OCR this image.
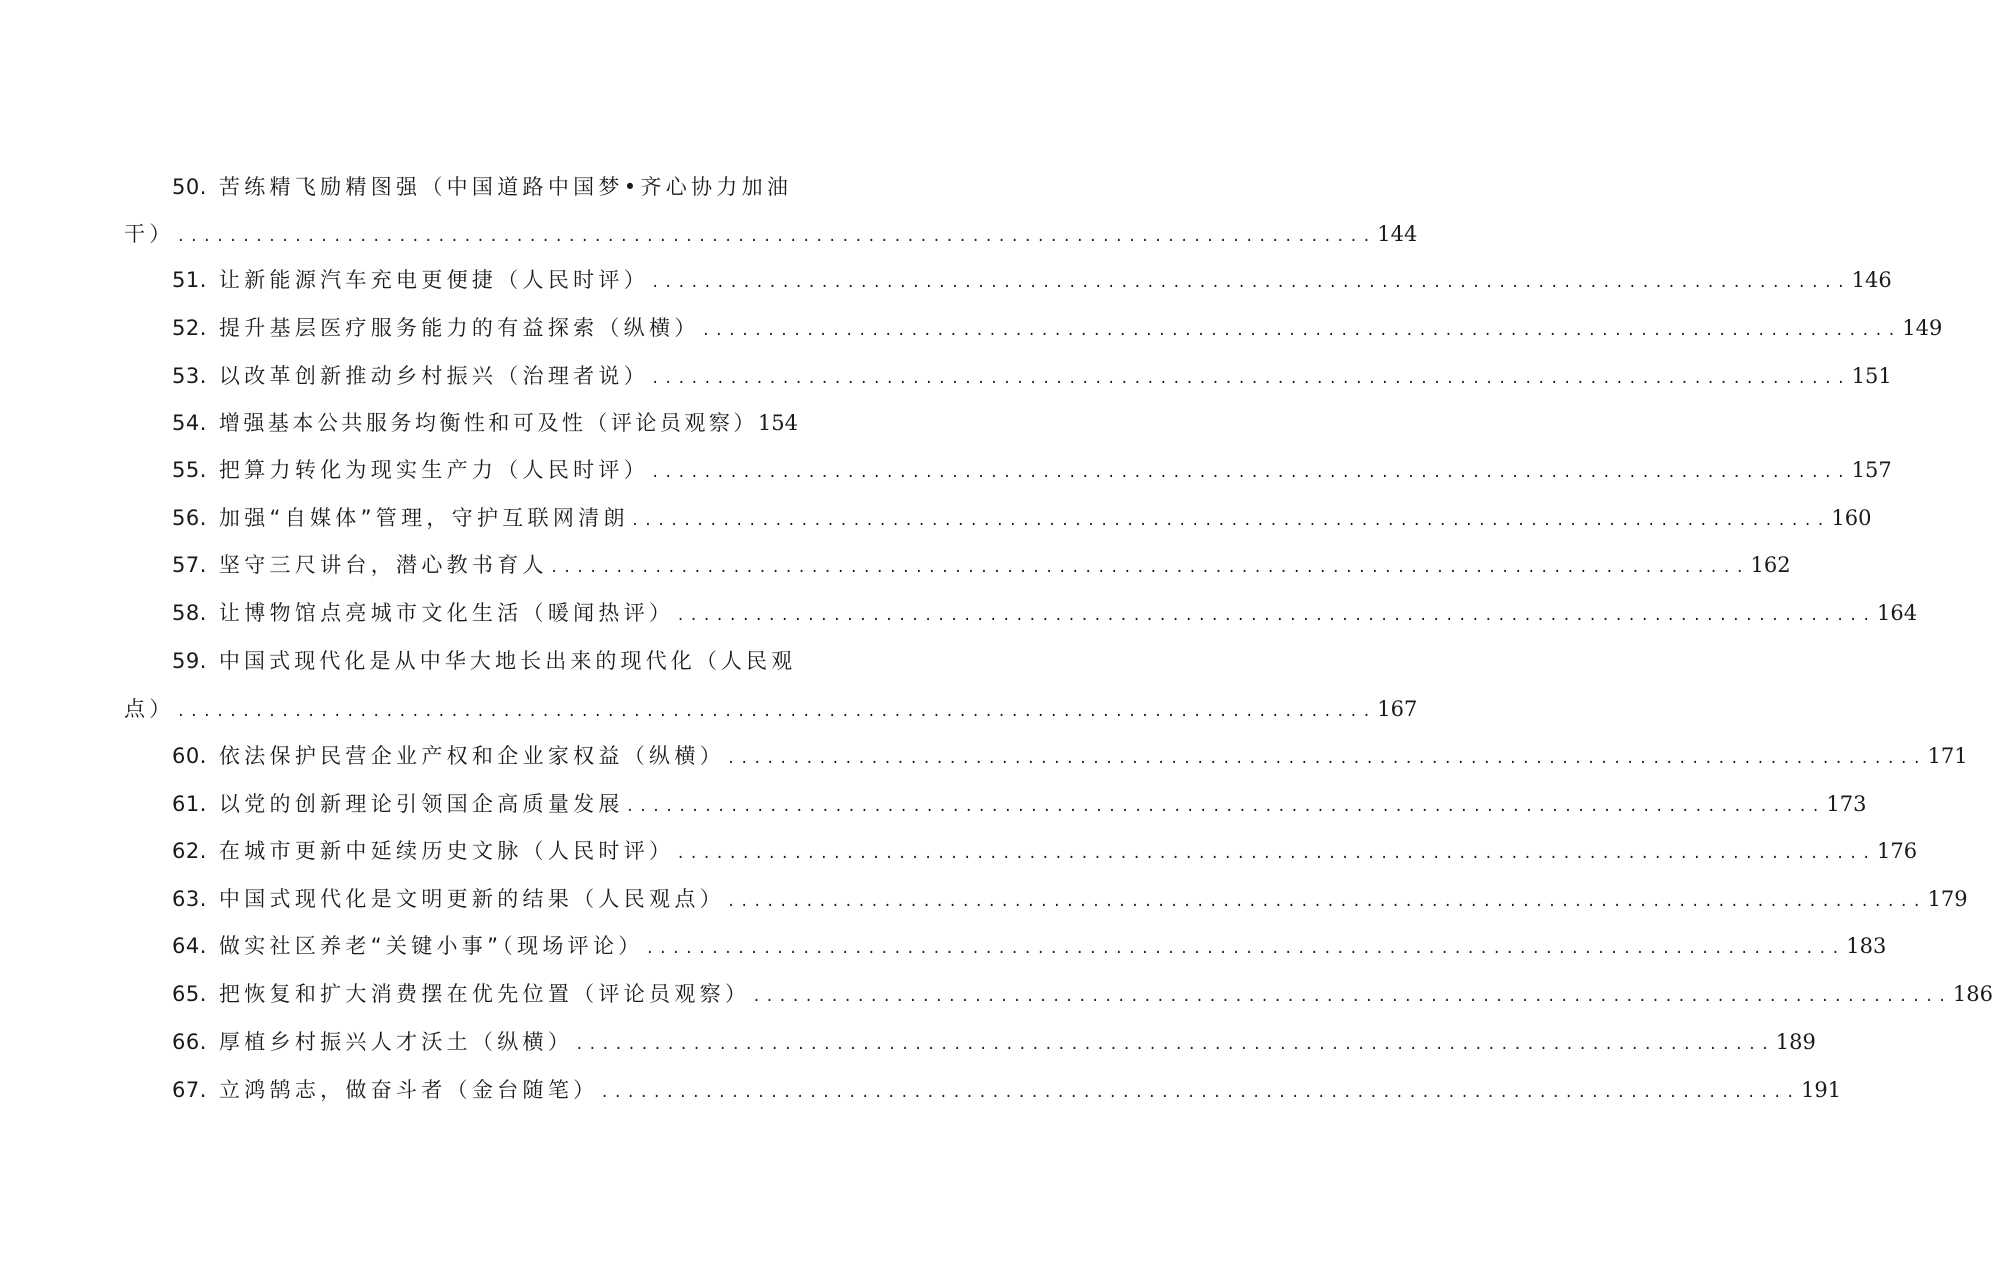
50 . 苦练精飞励精图强（中国道路中国梦•齐心协力加油
干） ............................................................................................ 144
51 . 让新能源汽车充电更便捷（人民时评） ............................................................................................ 146
52 . 提升基层医疗服务能力的有益探索（纵横） ............................................................................................ 149
53 . 以改革创新推动乡村振兴（治理者说） ............................................................................................ 151
54 . 增强基本公共服务均衡性和可及性（评论员观察） 154
55 . 把算力转化为现实生产力（人民时评） ............................................................................................ 157
56 . 加强“自媒体”管理，守护互联网清朗 ............................................................................................ 160
57 . 坚守三尺讲台，潜心教书育人 ............................................................................................ 162
58 . 让博物馆点亮城市文化生活（暖闻热评） ............................................................................................ 164
59 . 中国式现代化是从中华大地长出来的现代化（人民观
点） ............................................................................................ 167
60 . 依法保护民营企业产权和企业家权益（纵横） ............................................................................................ 171
61 . 以党的创新理论引领国企高质量发展 ............................................................................................ 173
62 . 在城市更新中延续历史文脉（人民时评） ............................................................................................ 176
63 . 中国式现代化是文明更新的结果（人民观点） ............................................................................................ 179
64 . 做实社区养老“关键小事”（现场评论） ............................................................................................ 183
65 . 把恢复和扩大消费摆在优先位置（评论员观察） ............................................................................................ 186
66 . 厚植乡村振兴人才沃土（纵横） ............................................................................................ 189
67 . 立鸿鹄志，做奋斗者（金台随笔） ............................................................................................ 191
